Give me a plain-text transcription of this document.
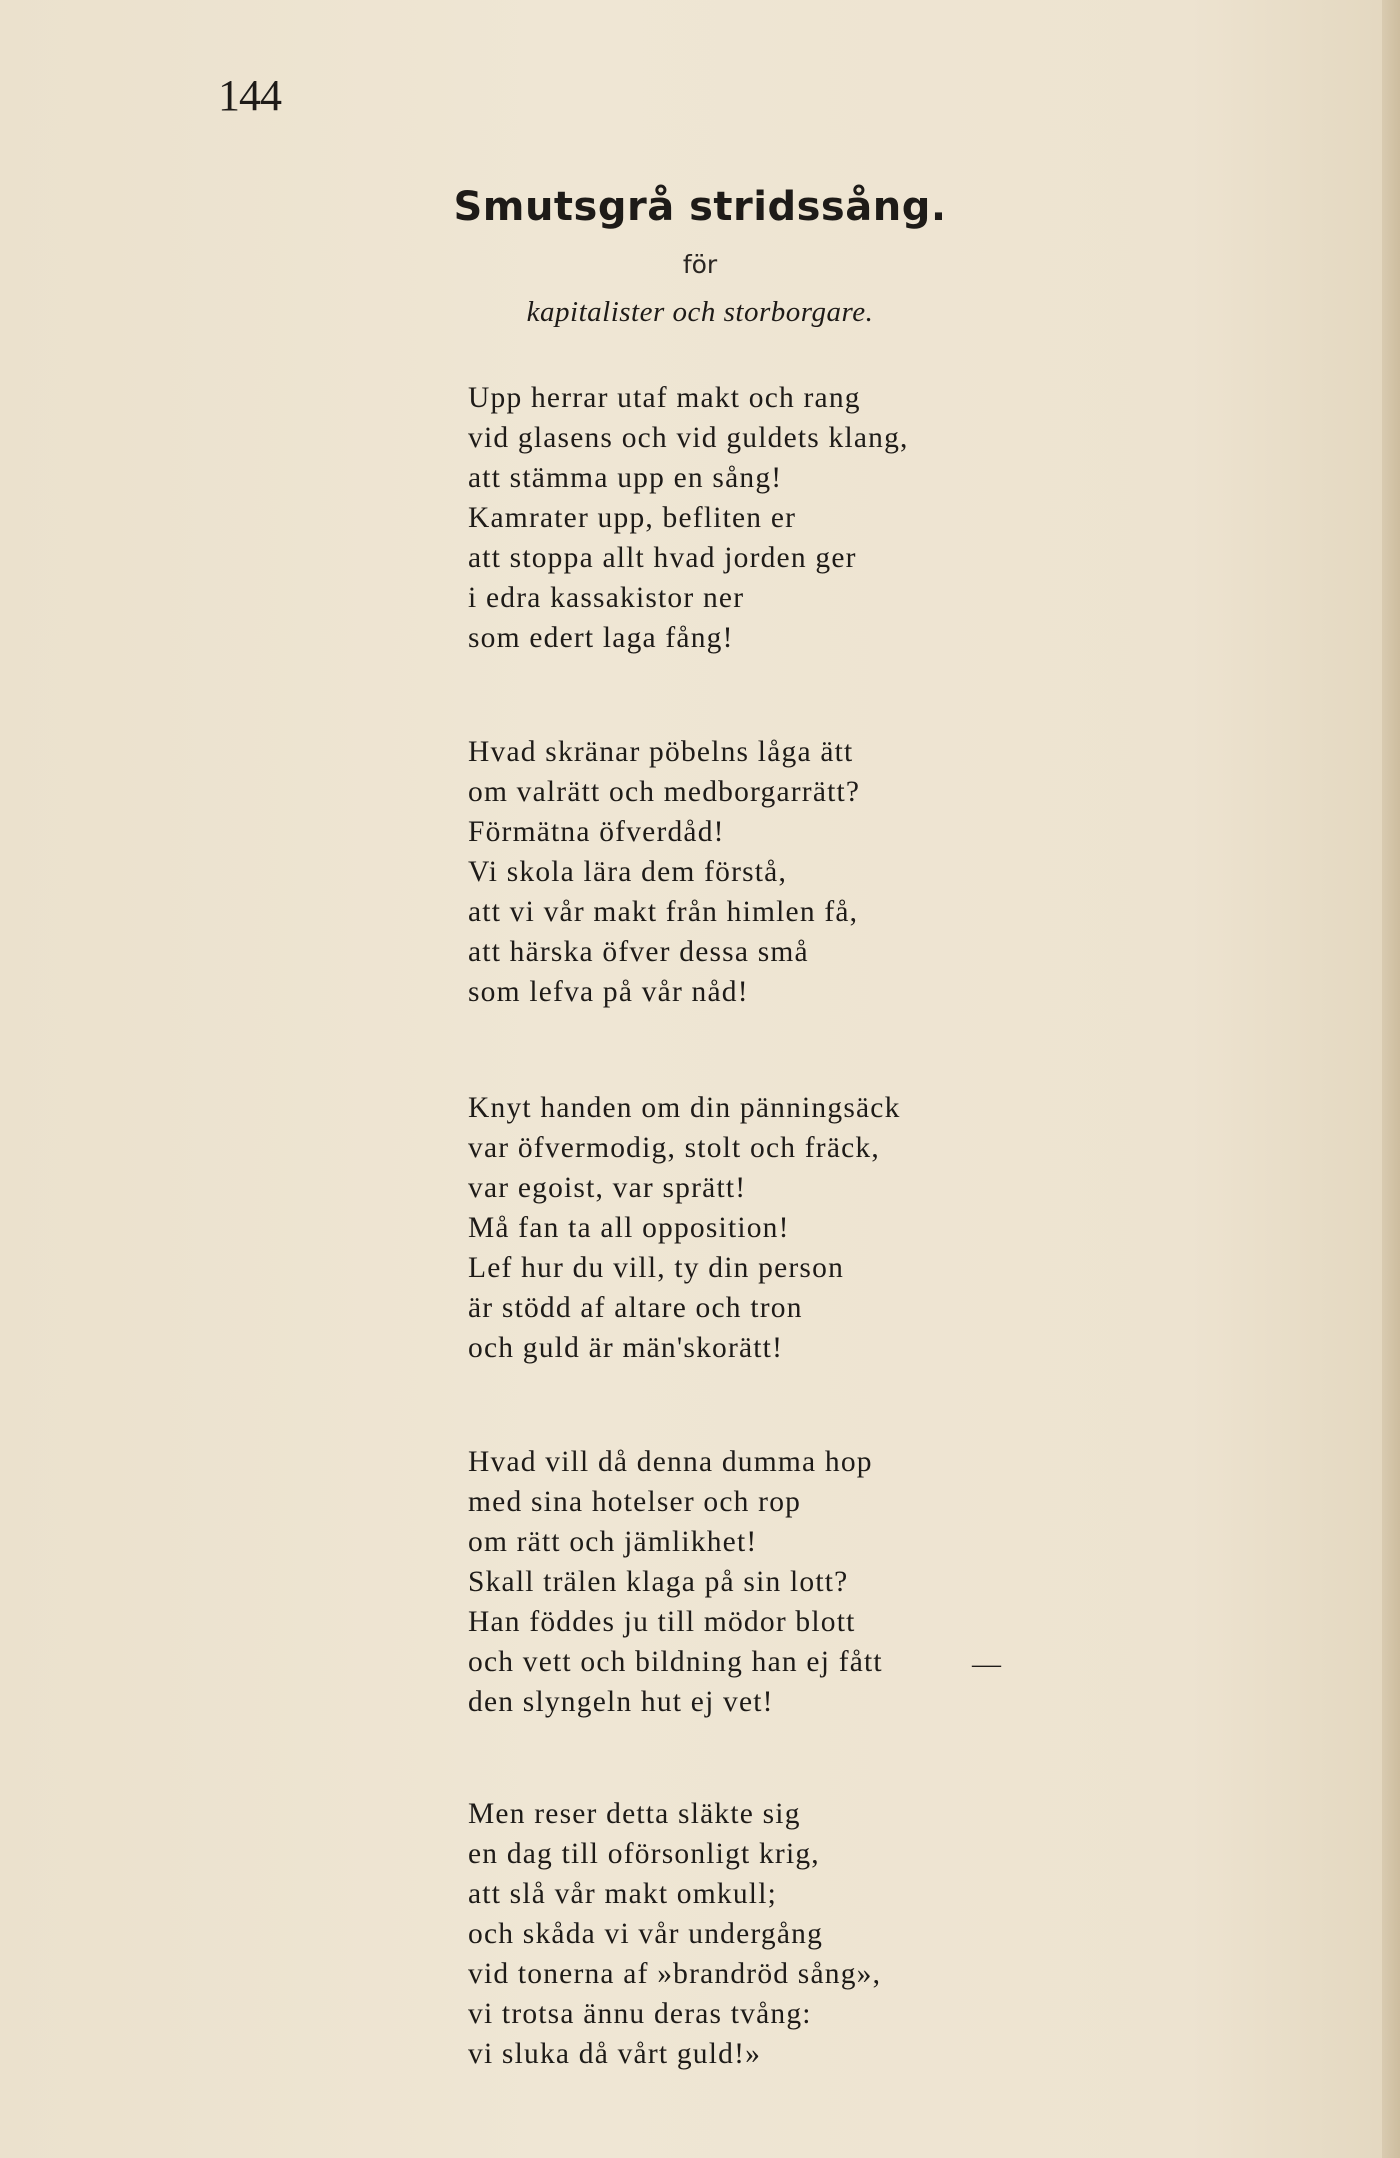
144
Smutsgrå stridssång.
för
kapitalister och storborgare.
Upp herrar utaf makt och rang
vid glasens och vid guldets klang,
att stämma upp en sång!
Kamrater upp, befliten er
att stoppa allt hvad jorden ger
i edra kassakistor ner
som edert laga fång!
Hvad skränar pöbelns låga ätt
om valrätt och medborgarrätt?
Förmätna öfverdåd!
Vi skola lära dem förstå,
att vi vår makt från himlen få,
att härska öfver dessa små
som lefva på vår nåd!
Knyt handen om din pänningsäck
var öfvermodig, stolt och fräck,
var egoist, var sprätt!
Må fan ta all opposition!
Lef hur du vill, ty din person
är stödd af altare och tron
och guld är män'skorätt!
Hvad vill då denna dumma hop
med sina hotelser och rop
om rätt och jämlikhet!
Skall trälen klaga på sin lott?
Han föddes ju till mödor blott
och vett och bildning han ej fått
den slyngeln hut ej vet!
Men reser detta släkte sig
en dag till oförsonligt krig,
att slå vår makt omkull;
och skåda vi vår undergång
vid tonerna af »brandröd sång»,
vi trotsa ännu deras tvång:
vi sluka då vårt guld!»
—
